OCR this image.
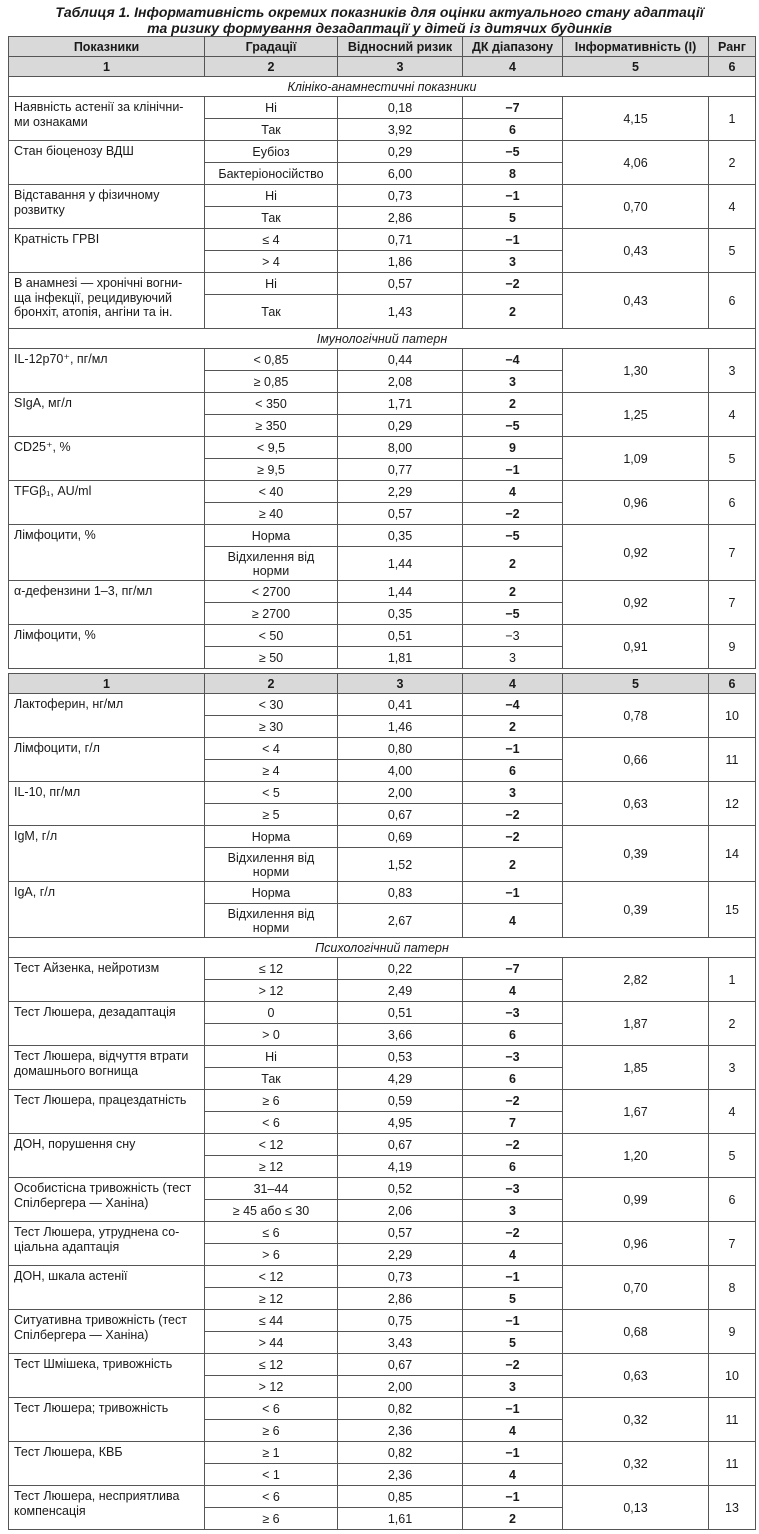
Таблиця 1. Інформативність окремих показників для оцінки актуального стану адаптації
та ризику формування дезадаптації у дітей із дитячих будинків
Показники	Градації	Відносний ризик	ДК діапазону	Інформативність (I)	Ранг
1	2	3	4	5	6
Клініко-анамнестичні показники					
Наявність астенії за клінічни-ми ознаками	Ні	0,18	−7	4,15	1
	Так	3,92	6		
Стан біоценозу ВДШ	Еубіоз	0,29	−5	4,06	2
	Бактеріоносійство	6,00	8		
Відставання у фізичному розвитку	Ні	0,73	−1	0,70	4
	Так	2,86	5		
Кратність ГРВІ	≤ 4	0,71	−1	0,43	5
	> 4	1,86	3		
В анамнезі — хронічні вогни-ща інфекції, рецидивуючий бронхіт, атопія, ангіни та ін.	Ні	0,57	−2	0,43	6
	Так	1,43	2		
Імунологічний патерн					
IL-12p70⁺, пг/мл	< 0,85	0,44	−4	1,30	3
	≥ 0,85	2,08	3		
SIgA, мг/л	< 350	1,71	2	1,25	4
	≥ 350	0,29	−5		
CD25⁺, %	< 9,5	8,00	9	1,09	5
	≥ 9,5	0,77	−1		
TFGβ₁, AU/ml	< 40	2,29	4	0,96	6
	≥ 40	0,57	−2		
Лімфоцити, %	Норма	0,35	−5	0,92	7
	Відхилення від норми	1,44	2		
α-дефензини 1–3, пг/мл	< 2700	1,44	2	0,92	7
	≥ 2700	0,35	−5		
Лімфоцити, %	< 50	0,51	−3	0,91	9
	≥ 50	1,81	3		

1	2	3	4	5	6
Лактоферин, нг/мл	< 30	0,41	−4	0,78	10
	≥ 30	1,46	2		
Лімфоцити, г/л	< 4	0,80	−1	0,66	11
	≥ 4	4,00	6		
IL-10, пг/мл	< 5	2,00	3	0,63	12
	≥ 5	0,67	−2		
IgM, г/л	Норма	0,69	−2	0,39	14
	Відхилення від норми	1,52	2		
IgA, г/л	Норма	0,83	−1	0,39	15
	Відхилення від норми	2,67	4		
Психологічний патерн					
Тест Айзенка, нейротизм	≤ 12	0,22	−7	2,82	1
	> 12	2,49	4		
Тест Люшера, дезадаптація	0	0,51	−3	1,87	2
	> 0	3,66	6		
Тест Люшера, відчуття втрати домашнього вогнища	Ні	0,53	−3	1,85	3
	Так	4,29	6		
Тест Люшера, працездатність	≥ 6	0,59	−2	1,67	4
	< 6	4,95	7		
ДОН, порушення сну	< 12	0,67	−2	1,20	5
	≥ 12	4,19	6		
Особистісна тривожність (тест Спілбергера — Ханіна)	31–44	0,52	−3	0,99	6
	≥ 45 або ≤ 30	2,06	3		
Тест Люшера, утруднена со-ціальна адаптація	≤ 6	0,57	−2	0,96	7
	> 6	2,29	4		
ДОН, шкала астенії	< 12	0,73	−1	0,70	8
	≥ 12	2,86	5		
Ситуативна тривожність (тест Спілбергера — Ханіна)	≤ 44	0,75	−1	0,68	9
	> 44	3,43	5		
Тест Шмішека, тривожність	≤ 12	0,67	−2	0,63	10
	> 12	2,00	3		
Тест Люшера; тривожність	< 6	0,82	−1	0,32	11
	≥ 6	2,36	4		
Тест Люшера, КВБ	≥ 1	0,82	−1	0,32	11
	< 1	2,36	4		
Тест Люшера, несприятлива компенсація	< 6	0,85	−1	0,13	13
	≥ 6	1,61	2		
